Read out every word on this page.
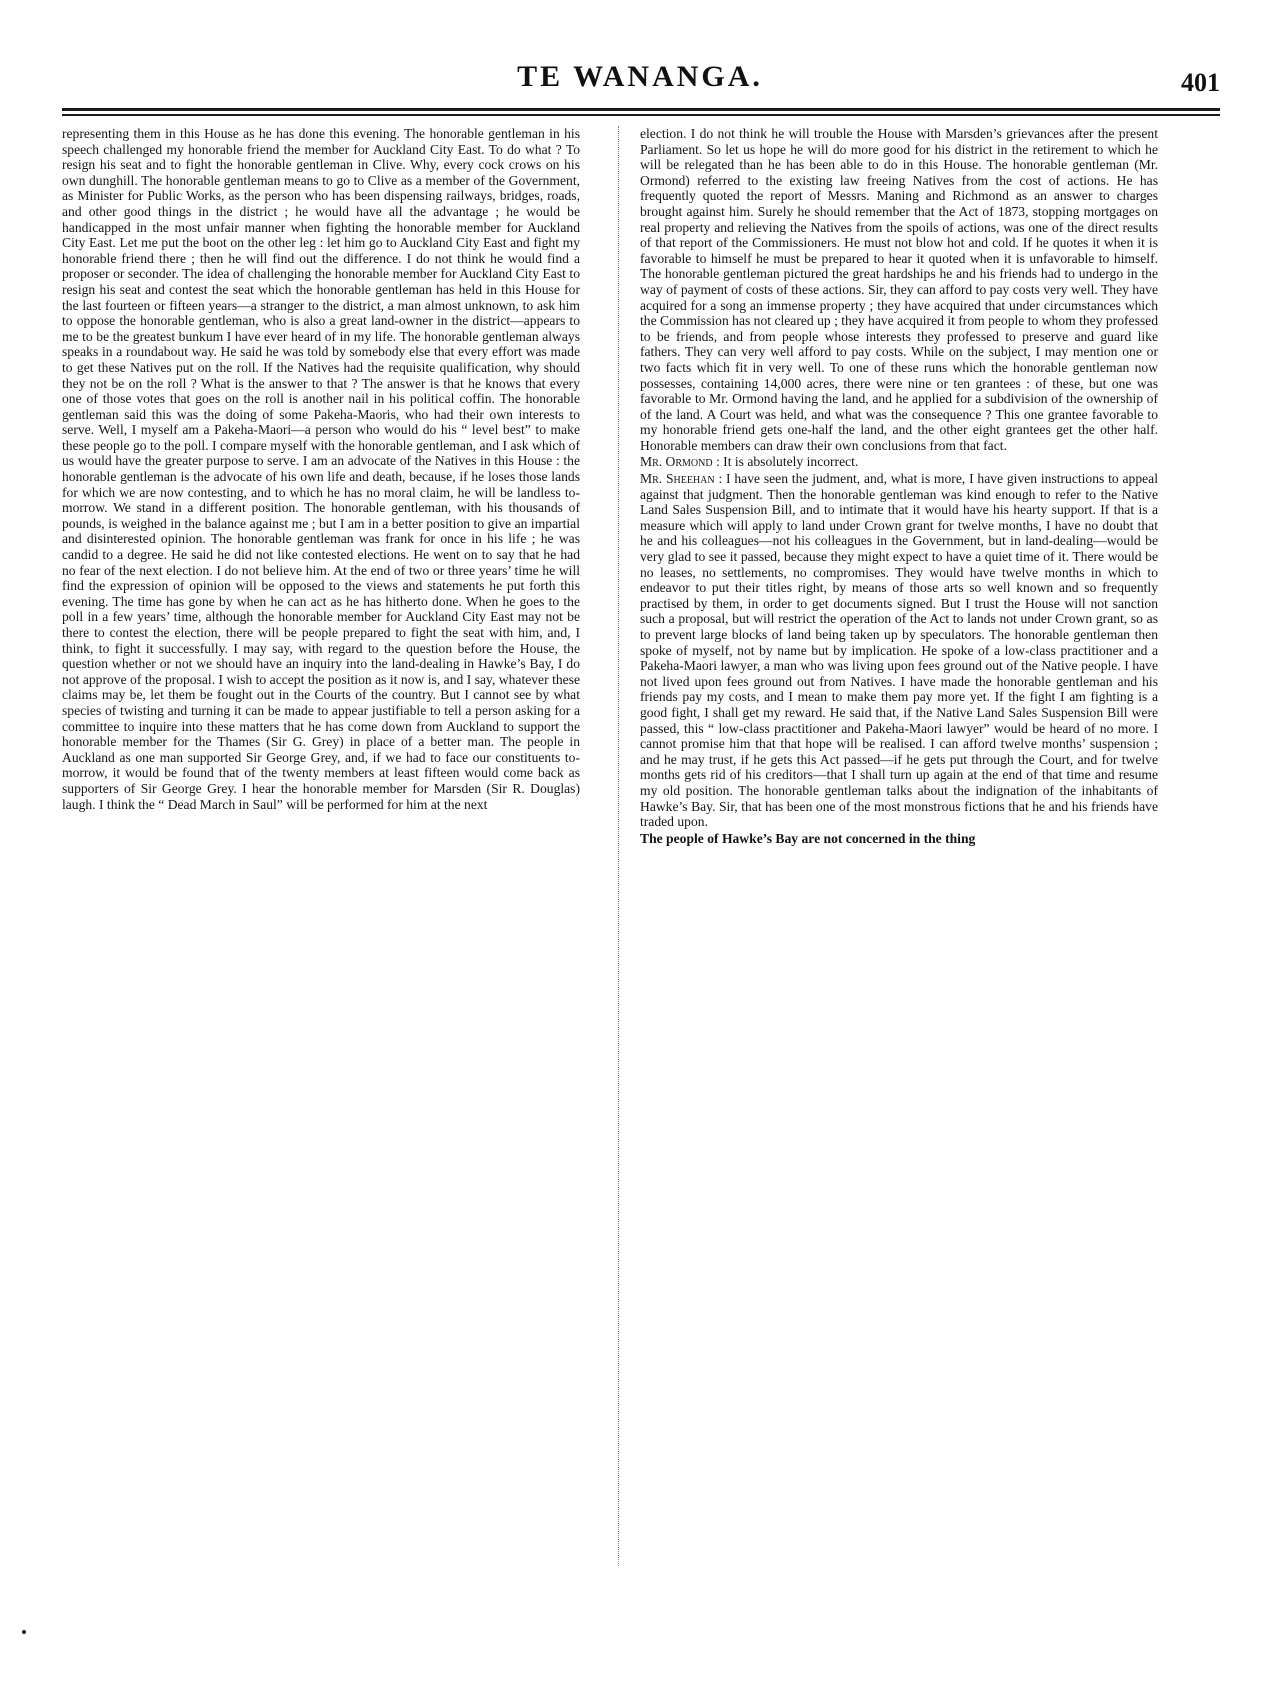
TE WANANGA.	401

representing them in this House as he has done this evening. The honorable gentleman in his speech challenged my honorable friend the member for Auckland City East. To do what ? To resign his seat and to fight the honorable gentleman in Clive. Why, every cock crows on his own dunghill. The honorable gentleman means to go to Clive as a member of the Government, as Minister for Public Works, as the person who has been dispensing railways, bridges, roads, and other good things in the district ; he would have all the advantage ; he would be handicapped in the most unfair manner when fighting the honorable member for Auckland City East. Let me put the boot on the other leg : let him go to Auckland City East and fight my honorable friend there ; then he will find out the difference. I do not think he would find a proposer or seconder. The idea of challenging the honorable member for Auckland City East to resign his seat and contest the seat which the honorable gentleman has held in this House for the last fourteen or fifteen years—a stranger to the district, a man almost unknown, to ask him to oppose the honorable gentleman, who is also a great land-owner in the district—appears to me to be the greatest bunkum I have ever heard of in my life. The honorable gentleman always speaks in a roundabout way. He said he was told by somebody else that every effort was made to get these Natives put on the roll. If the Natives had the requisite qualification, why should they not be on the roll ? What is the answer to that ? The answer is that he knows that every one of those votes that goes on the roll is another nail in his political coffin. The honorable gentleman said this was the doing of some Pakeha-Maoris, who had their own interests to serve. Well, I myself am a Pakeha-Maori—a person who would do his “ level best” to make these people go to the poll. I compare myself with the honorable gentleman, and I ask which of us would have the greater purpose to serve. I am an advocate of the Natives in this House : the honorable gentleman is the advocate of his own life and death, because, if he loses those lands for which we are now contesting, and to which he has no moral claim, he will be landless to-morrow. We stand in a different position. The honorable gentleman, with his thousands of pounds, is weighed in the balance against me ; but I am in a better position to give an impartial and disinterested opinion. The honorable gentleman was frank for once in his life ; he was candid to a degree. He said he did not like contested elections. He went on to say that he had no fear of the next election. I do not believe him. At the end of two or three years’ time he will find the expression of opinion will be opposed to the views and statements he put forth this evening. The time has gone by when he can act as he has hitherto done. When he goes to the poll in a few years’ time, although the honorable member for Auckland City East may not be there to contest the election, there will be people prepared to fight the seat with him, and, I think, to fight it successfully. I may say, with regard to the question before the House, the question whether or not we should have an inquiry into the land-dealing in Hawke’s Bay, I do not approve of the proposal. I wish to accept the position as it now is, and I say, whatever these claims may be, let them be fought out in the Courts of the country. But I cannot see by what species of twisting and turning it can be made to appear justifiable to tell a person asking for a committee to inquire into these matters that he has come down from Auckland to support the honorable member for the Thames (Sir G. Grey) in place of a better man. The people in Auckland as one man supported Sir George Grey, and, if we had to face our constituents to-morrow, it would be found that of the twenty members at least fifteen would come back as supporters of Sir George Grey. I hear the honorable member for Marsden (Sir R. Douglas) laugh. I think the “ Dead March in Saul” will be performed for him at the next

election. I do not think he will trouble the House with Marsden’s grievances after the present Parliament. So let us hope he will do more good for his district in the retirement to which he will be relegated than he has been able to do in this House. The honorable gentleman (Mr. Ormond) referred to the existing law freeing Natives from the cost of actions. He has frequently quoted the report of Messrs. Maning and Richmond as an answer to charges brought against him. Surely he should remember that the Act of 1873, stopping mortgages on real property and relieving the Natives from the spoils of actions, was one of the direct results of that report of the Commissioners. He must not blow hot and cold. If he quotes it when it is favorable to himself he must be prepared to hear it quoted when it is unfavorable to himself. The honorable gentleman pictured the great hardships he and his friends had to undergo in the way of payment of costs of these actions. Sir, they can afford to pay costs very well. They have acquired for a song an immense property ; they have acquired that under circumstances which the Commission has not cleared up ; they have acquired it from people to whom they professed to be friends, and from people whose interests they professed to preserve and guard like fathers. They can very well afford to pay costs. While on the subject, I may mention one or two facts which fit in very well. To one of these runs which the honorable gentleman now possesses, containing 14,000 acres, there were nine or ten grantees : of these, but one was favorable to Mr. Ormond having the land, and he applied for a subdivision of the ownership of of the land. A Court was held, and what was the consequence ? This one grantee favorable to my honorable friend gets one-half the land, and the other eight grantees get the other half. Honorable members can draw their own conclusions from that fact.

Mr. Ormond : It is absolutely incorrect.

Mr. Sheehan : I have seen the judment, and, what is more, I have given instructions to appeal against that judgment. Then the honorable gentleman was kind enough to refer to the Native Land Sales Suspension Bill, and to intimate that it would have his hearty support. If that is a measure which will apply to land under Crown grant for twelve months, I have no doubt that he and his colleagues—not his colleagues in the Government, but in land-dealing—would be very glad to see it passed, because they might expect to have a quiet time of it. There would be no leases, no settlements, no compromises. They would have twelve months in which to endeavor to put their titles right, by means of those arts so well known and so frequently practised by them, in order to get documents signed. But I trust the House will not sanction such a proposal, but will restrict the operation of the Act to lands not under Crown grant, so as to prevent large blocks of land being taken up by speculators. The honorable gentleman then spoke of myself, not by name but by implication. He spoke of a low-class practitioner and a Pakeha-Maori lawyer, a man who was living upon fees ground out of the Native people. I have not lived upon fees ground out from Natives. I have made the honorable gentleman and his friends pay my costs, and I mean to make them pay more yet. If the fight I am fighting is a good fight, I shall get my reward. He said that, if the Native Land Sales Suspension Bill were passed, this “ low-class practitioner and Pakeha-Maori lawyer” would be heard of no more. I cannot promise him that that hope will be realised. I can afford twelve months’ suspension ; and he may trust, if he gets this Act passed—if he gets put through the Court, and for twelve months gets rid of his creditors—that I shall turn up again at the end of that time and resume my old position. The honorable gentleman talks about the indignation of the inhabitants of Hawke’s Bay. Sir, that has been one of the most monstrous fictions that he and his friends have traded upon.

The people of Hawke’s Bay are not concerned in the thing
